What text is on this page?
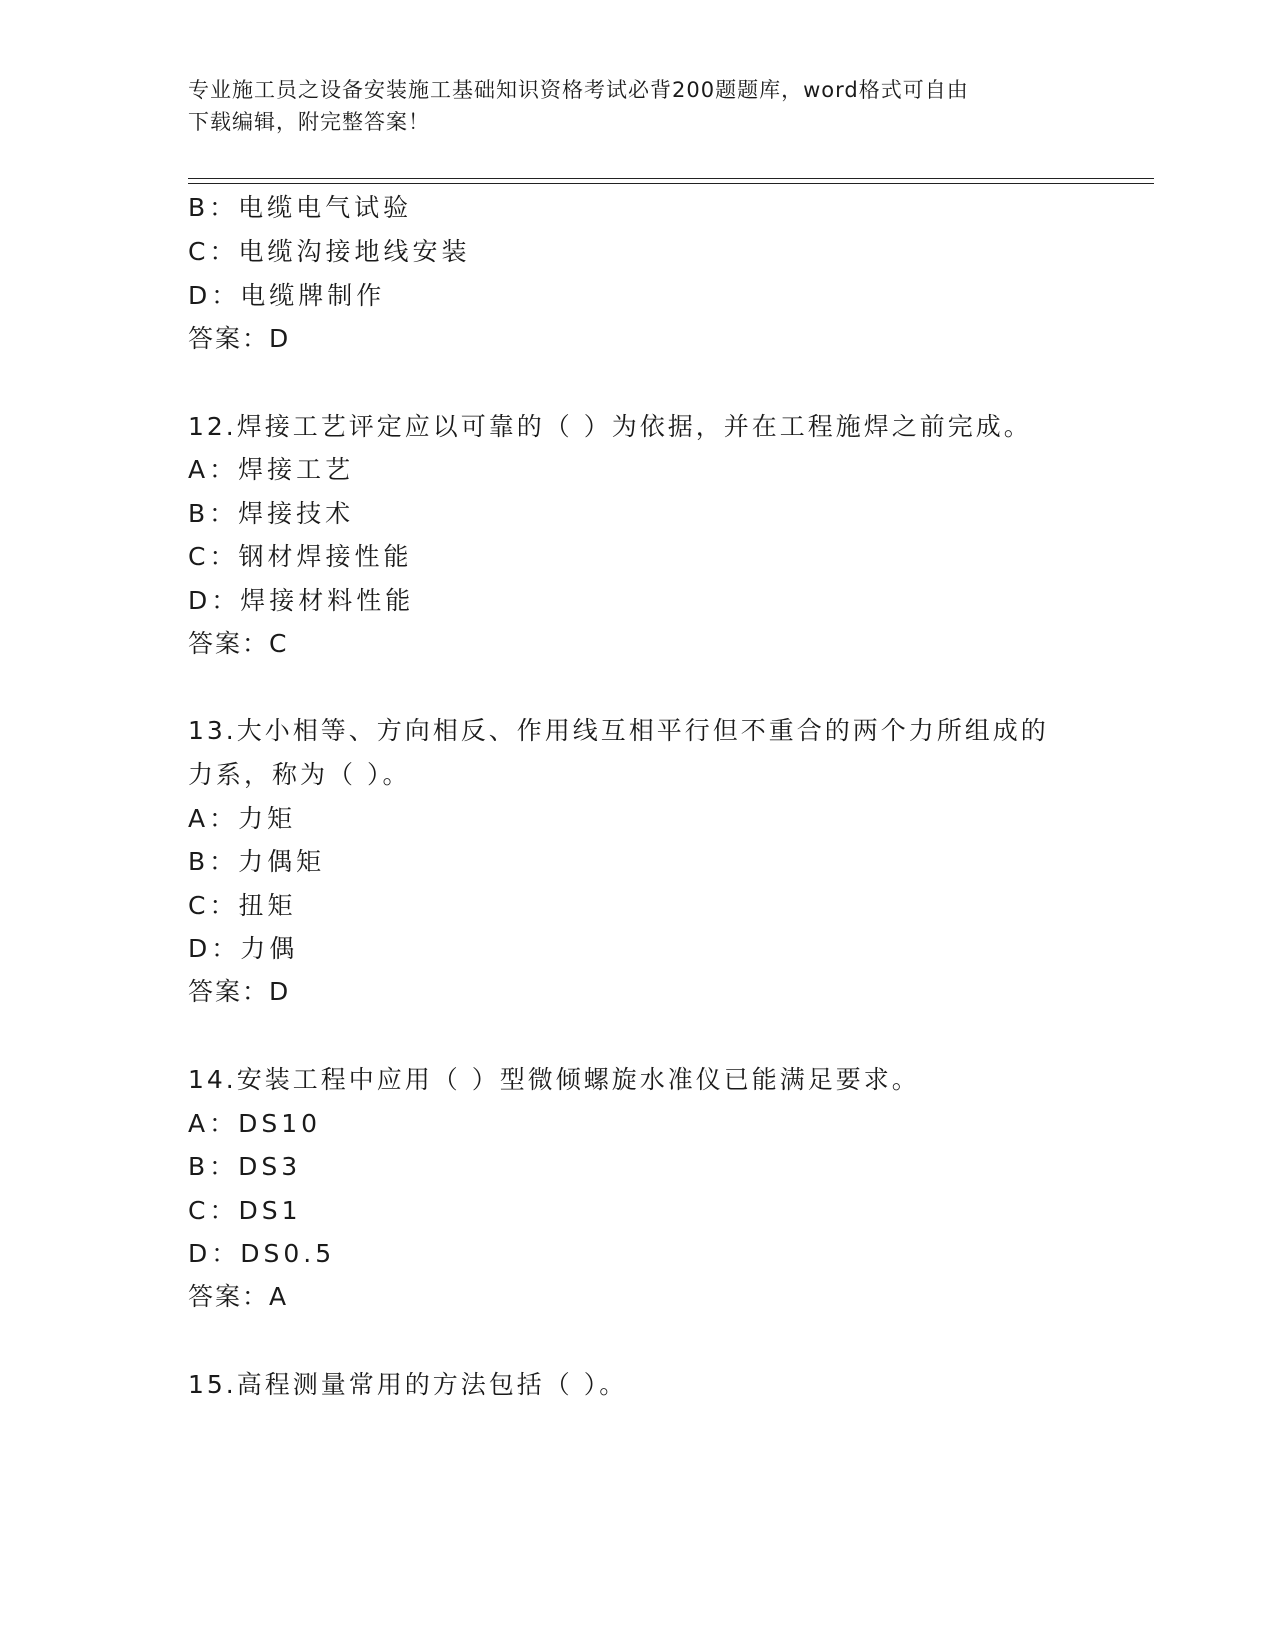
专业施工员之设备安装施工基础知识资格考试必背200题题库，word格式可自由
下载编辑，附完整答案！
B：电缆电气试验
C：电缆沟接地线安装
D：电缆牌制作
答案：D
12.焊接工艺评定应以可靠的（ ）为依据，并在工程施焊之前完成。
A：焊接工艺
B：焊接技术
C：钢材焊接性能
D：焊接材料性能
答案：C
13.大小相等、方向相反、作用线互相平行但不重合的两个力所组成的
力系，称为（ ）。
A：力矩
B：力偶矩
C：扭矩
D：力偶
答案：D
14.安装工程中应用（ ）型微倾螺旋水准仪已能满足要求。
A：DS10
B：DS3
C：DS1
D：DS0.5
答案：A
15.高程测量常用的方法包括（ ）。
